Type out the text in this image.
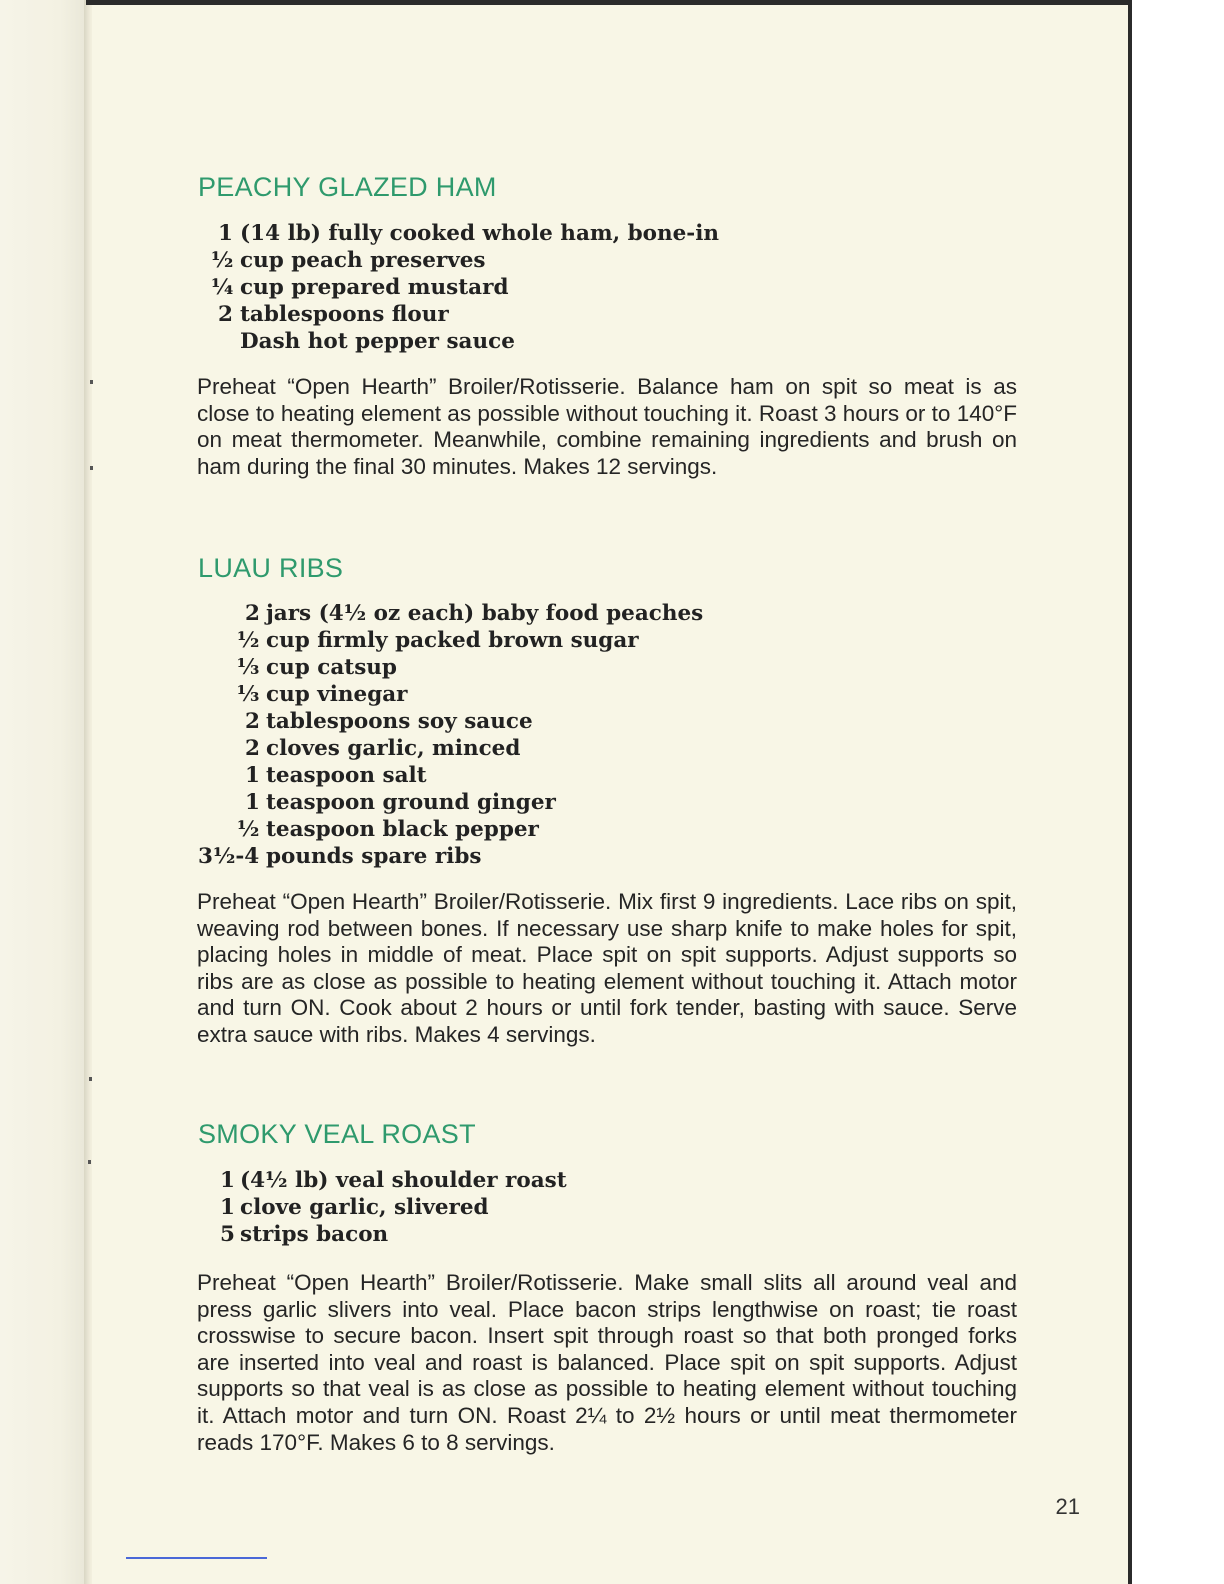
PEACHY GLAZED HAM
1 (14 lb) fully cooked whole ham, bone-in
½ cup peach preserves
¼ cup prepared mustard
2 tablespoons flour
Dash hot pepper sauce

Preheat “Open Hearth” Broiler/Rotisserie. Balance ham on spit so meat is as close to heating element as possible without touching it. Roast 3 hours or to 140°F on meat thermometer. Meanwhile, combine remaining ingredients and brush on ham during the final 30 minutes. Makes 12 servings.

LUAU RIBS
2 jars (4½ oz each) baby food peaches
½ cup firmly packed brown sugar
⅓ cup catsup
⅓ cup vinegar
2 tablespoons soy sauce
2 cloves garlic, minced
1 teaspoon salt
1 teaspoon ground ginger
½ teaspoon black pepper
3½-4 pounds spare ribs

Preheat “Open Hearth” Broiler/Rotisserie. Mix first 9 ingredients. Lace ribs on spit, weaving rod between bones. If necessary use sharp knife to make holes for spit, placing holes in middle of meat. Place spit on spit supports. Adjust supports so ribs are as close as possible to heating element without touching it. Attach motor and turn ON. Cook about 2 hours or until fork tender, basting with sauce. Serve extra sauce with ribs. Makes 4 servings.

SMOKY VEAL ROAST
1 (4½ lb) veal shoulder roast
1 clove garlic, slivered
5 strips bacon

Preheat “Open Hearth” Broiler/Rotisserie. Make small slits all around veal and press garlic slivers into veal. Place bacon strips lengthwise on roast; tie roast crosswise to secure bacon. Insert spit through roast so that both pronged forks are inserted into veal and roast is balanced. Place spit on spit supports. Adjust supports so that veal is as close as possible to heating element without touching it. Attach motor and turn ON. Roast 2¼ to 2½ hours or until meat thermometer reads 170°F. Makes 6 to 8 servings.

21
